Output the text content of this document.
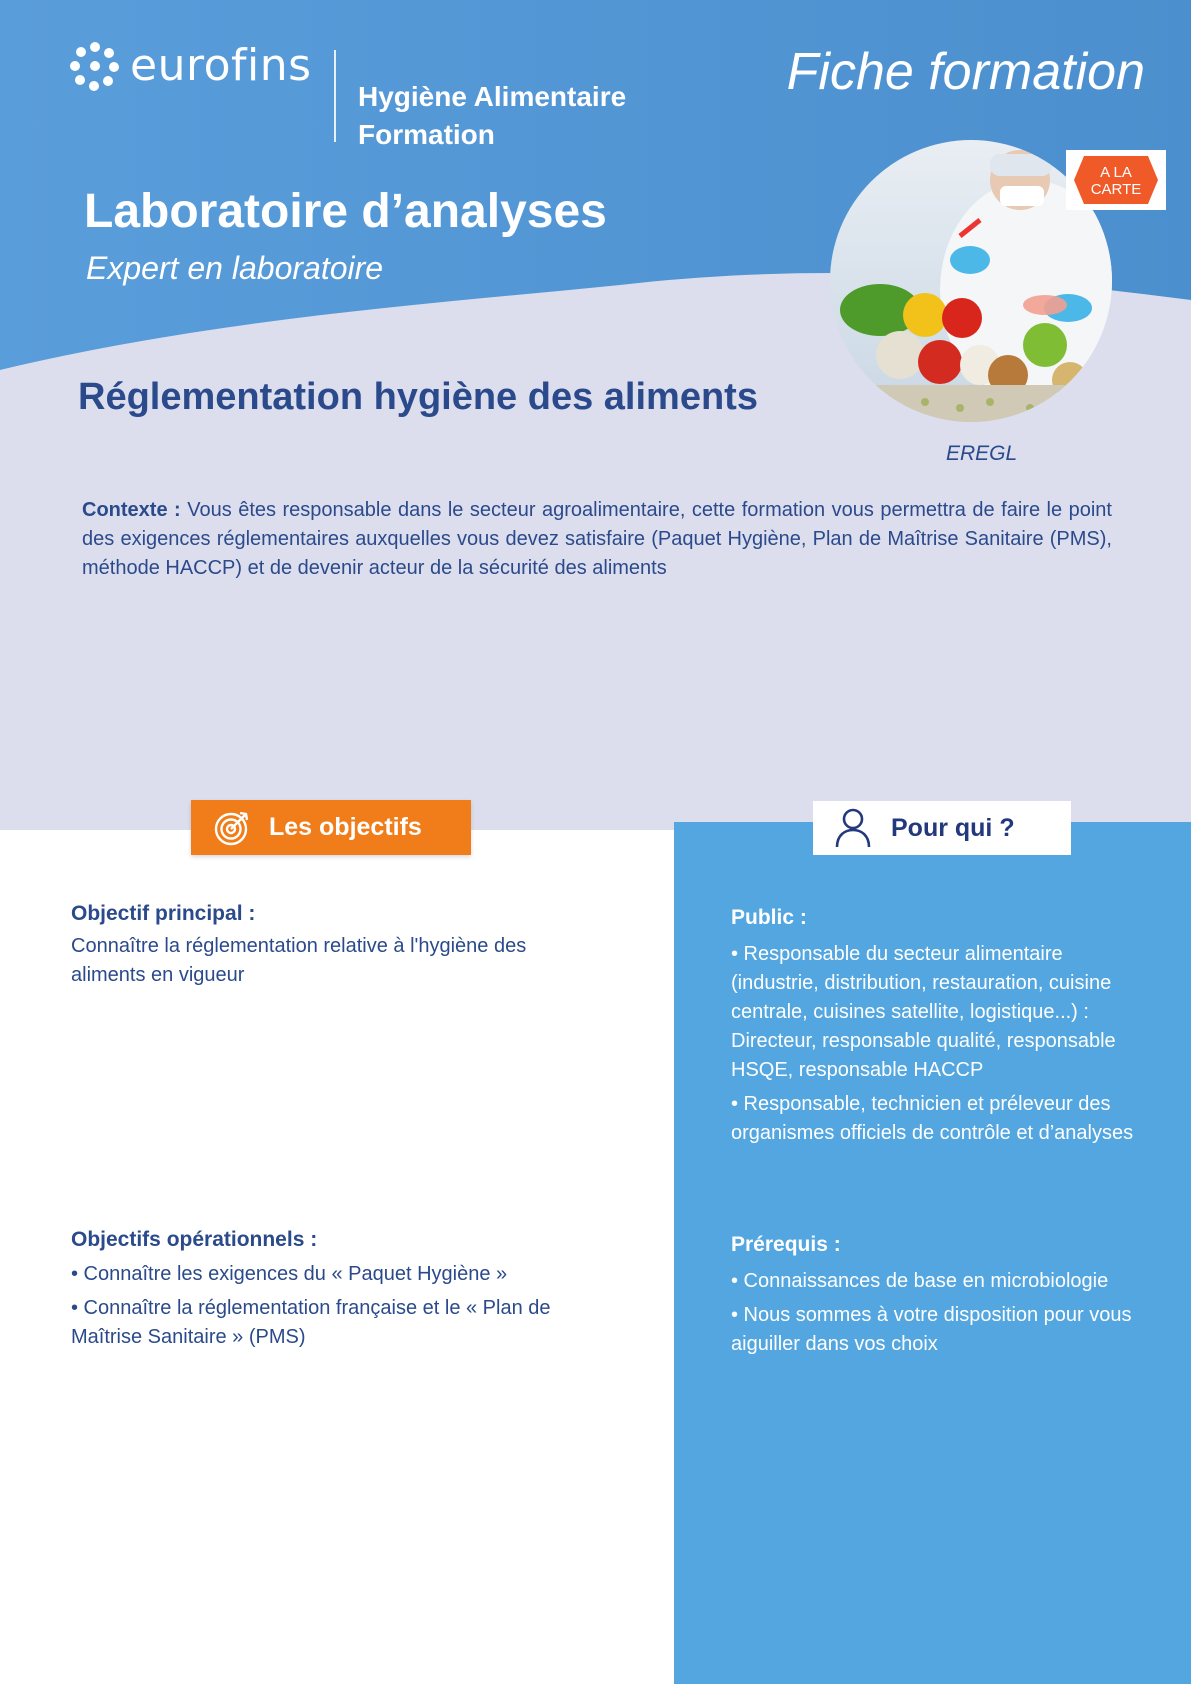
eurofins
Hygiène Alimentaire
Formation
Fiche formation
Laboratoire d’analyses
Expert en laboratoire
A LA
CARTE
Réglementation hygiène des aliments
EREGL
Contexte : Vous êtes responsable dans le secteur agroalimentaire, cette formation vous permettra de faire le point des exigences réglementaires auxquelles vous devez satisfaire (Paquet Hygiène, Plan de Maîtrise Sanitaire (PMS), méthode HACCP) et de devenir acteur de la sécurité des aliments
Les objectifs	Pour qui ?
Objectif principal :
Connaître la réglementation relative à l'hygiène des aliments en vigueur
Objectifs opérationnels :
• Connaître les exigences du « Paquet Hygiène »
• Connaître la réglementation française et le « Plan de Maîtrise Sanitaire » (PMS)
Public :
• Responsable du secteur alimentaire (industrie, distribution, restauration, cuisine centrale, cuisines satellite, logistique...) : Directeur, responsable qualité, responsable HSQE, responsable HACCP
• Responsable, technicien et préleveur des organismes officiels de contrôle et d’analyses
Prérequis :
• Connaissances de base en microbiologie
• Nous sommes à votre disposition pour vous aiguiller dans vos choix
